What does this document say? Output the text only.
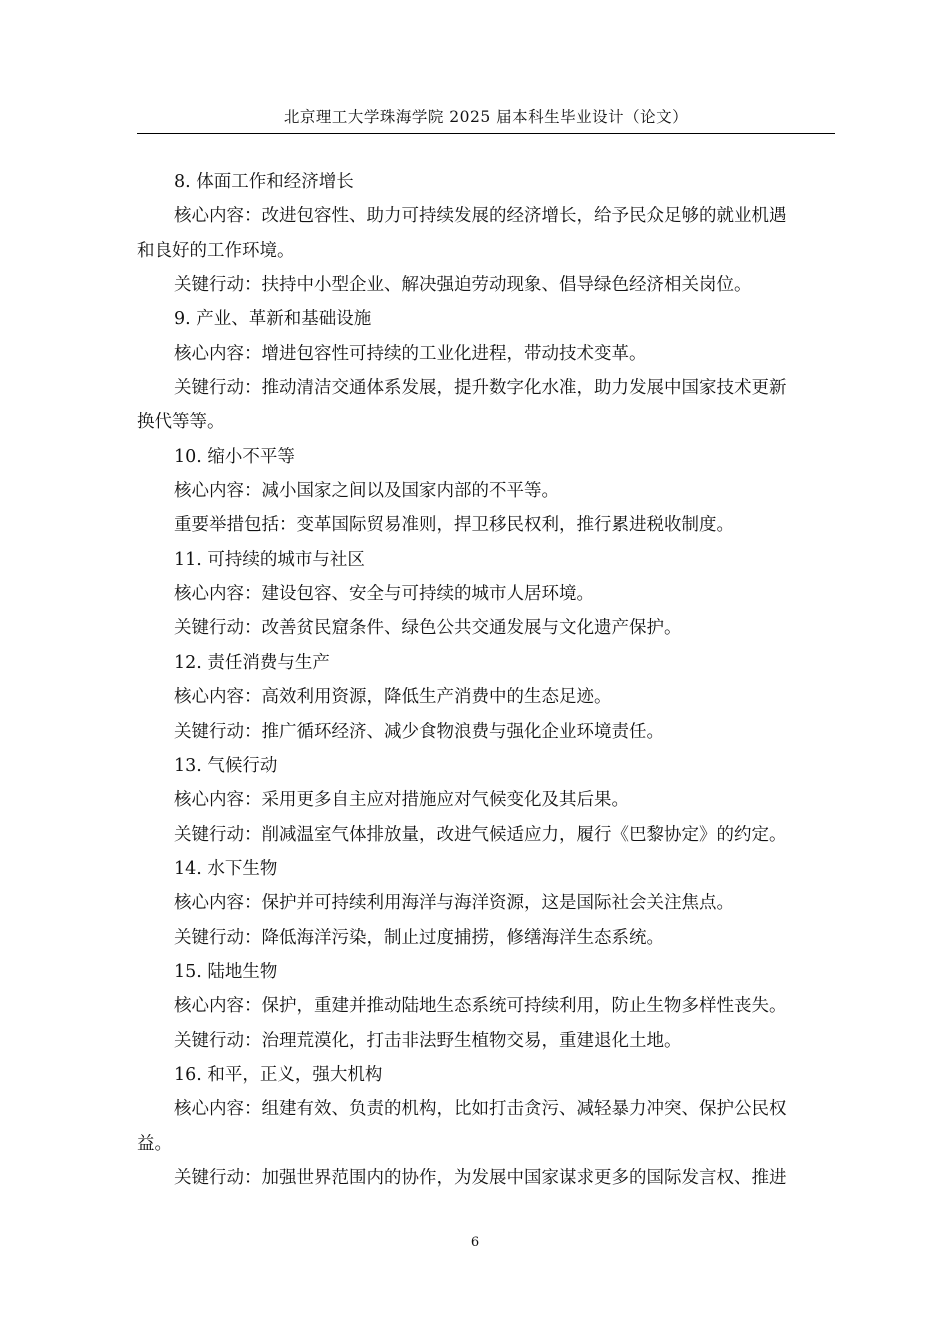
北京理工大学珠海学院 2025 届本科生毕业设计（论文）
8. 体面工作和经济增长
核心内容：改进包容性、助力可持续发展的经济增长，给予民众足够的就业机遇
和良好的工作环境。
关键行动：扶持中小型企业、解决强迫劳动现象、倡导绿色经济相关岗位。
9. 产业、革新和基础设施
核心内容：增进包容性可持续的工业化进程，带动技术变革。
关键行动：推动清洁交通体系发展，提升数字化水准，助力发展中国家技术更新
换代等等。
10. 缩小不平等
核心内容：减小国家之间以及国家内部的不平等。
重要举措包括：变革国际贸易准则，捍卫移民权利，推行累进税收制度。
11. 可持续的城市与社区
核心内容：建设包容、安全与可持续的城市人居环境。
关键行动：改善贫民窟条件、绿色公共交通发展与文化遗产保护。
12. 责任消费与生产
核心内容：高效利用资源，降低生产消费中的生态足迹。
关键行动：推广循环经济、减少食物浪费与强化企业环境责任。
13. 气候行动
核心内容：采用更多自主应对措施应对气候变化及其后果。
关键行动：削减温室气体排放量，改进气候适应力，履行《巴黎协定》的约定。
14. 水下生物
核心内容：保护并可持续利用海洋与海洋资源，这是国际社会关注焦点。
关键行动：降低海洋污染，制止过度捕捞，修缮海洋生态系统。
15. 陆地生物
核心内容：保护，重建并推动陆地生态系统可持续利用，防止生物多样性丧失。
关键行动：治理荒漠化，打击非法野生植物交易，重建退化土地。
16. 和平，正义，强大机构
核心内容：组建有效、负责的机构，比如打击贪污、减轻暴力冲突、保护公民权
益。
关键行动：加强世界范围内的协作，为发展中国家谋求更多的国际发言权、推进
6
